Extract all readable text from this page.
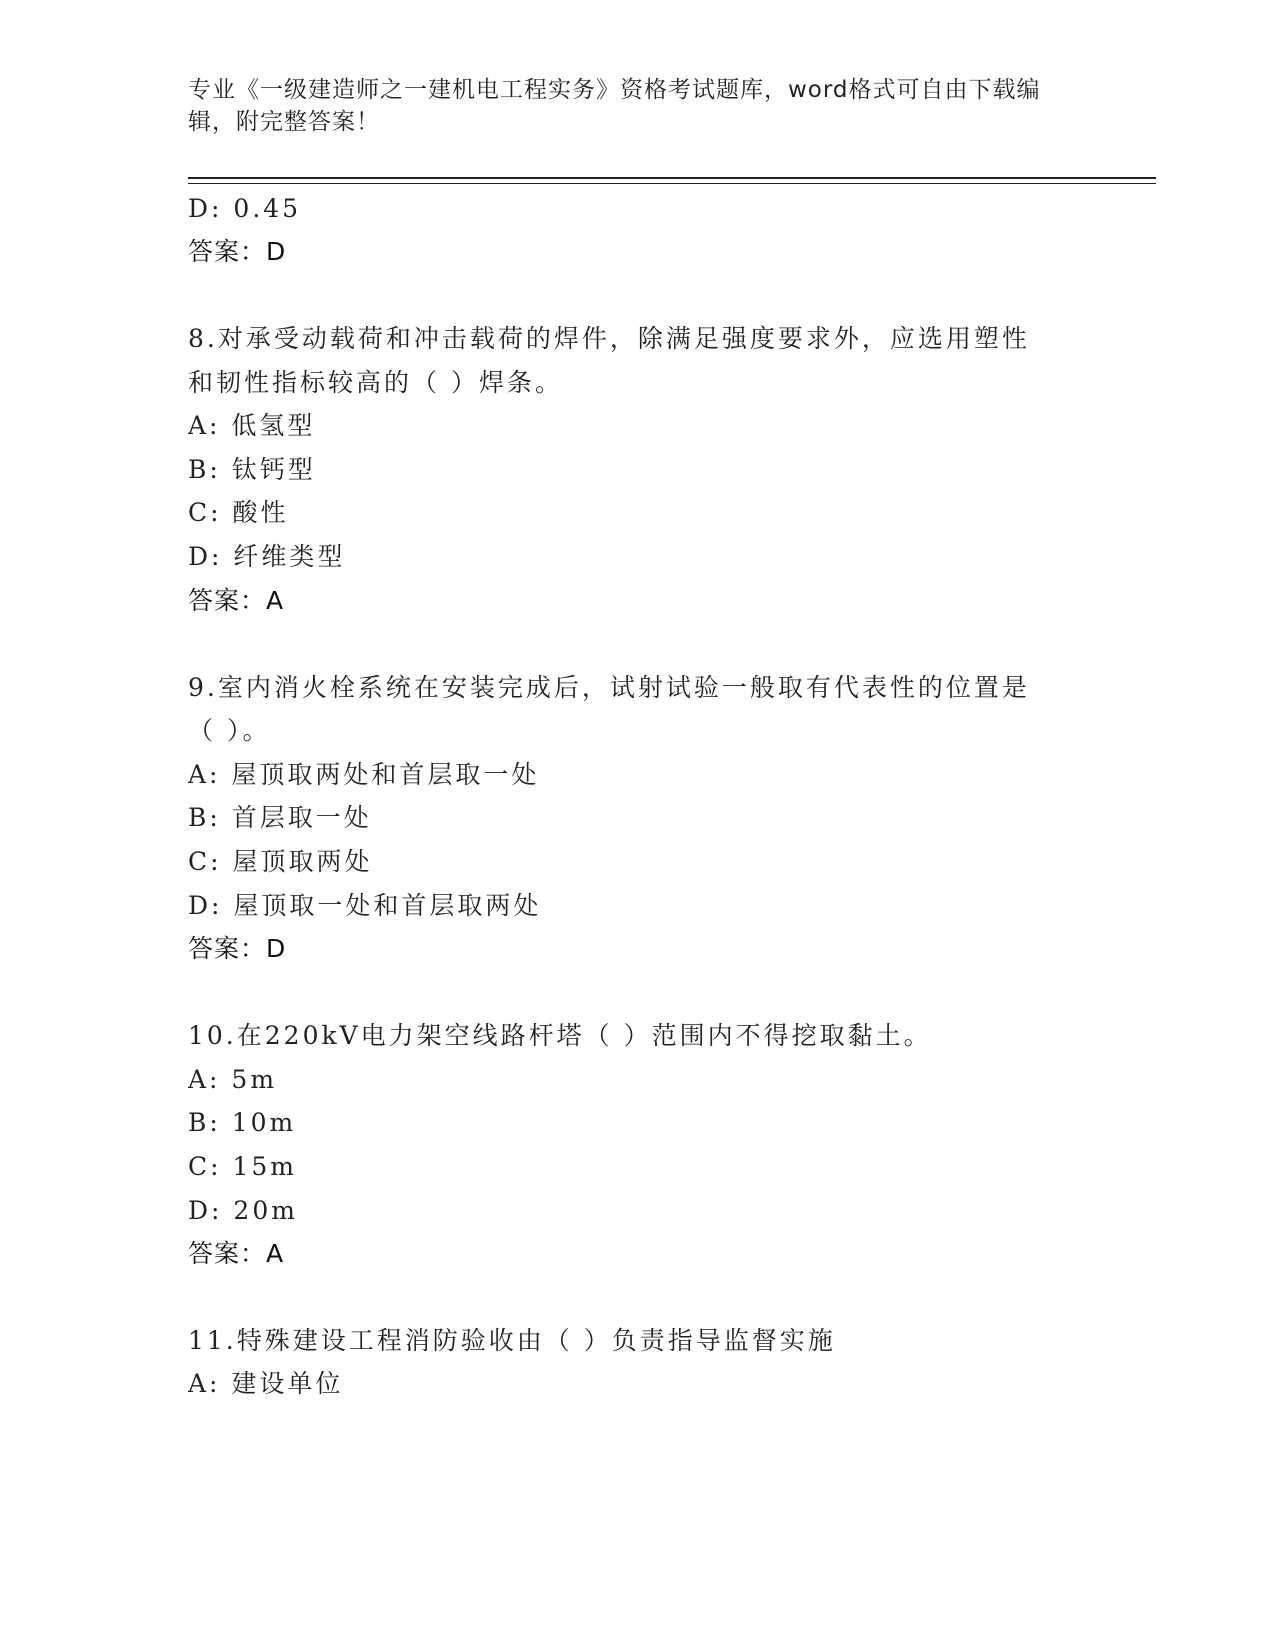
专业《一级建造师之一建机电工程实务》资格考试题库，word格式可自由下载编
辑，附完整答案！
D: 0.45
答案：D
8.对承受动载荷和冲击载荷的焊件，除满足强度要求外，应选用塑性
和韧性指标较高的（ ）焊条。
A: 低氢型
B: 钛钙型
C: 酸性
D: 纤维类型
答案：A
9.室内消火栓系统在安装完成后，试射试验一般取有代表性的位置是
（ ）。
A: 屋顶取两处和首层取一处
B: 首层取一处
C: 屋顶取两处
D: 屋顶取一处和首层取两处
答案：D
10.在220kV电力架空线路杆塔（ ）范围内不得挖取黏土。
A: 5m
B: 10m
C: 15m
D: 20m
答案：A
11.特殊建设工程消防验收由（ ）负责指导监督实施
A: 建设单位
